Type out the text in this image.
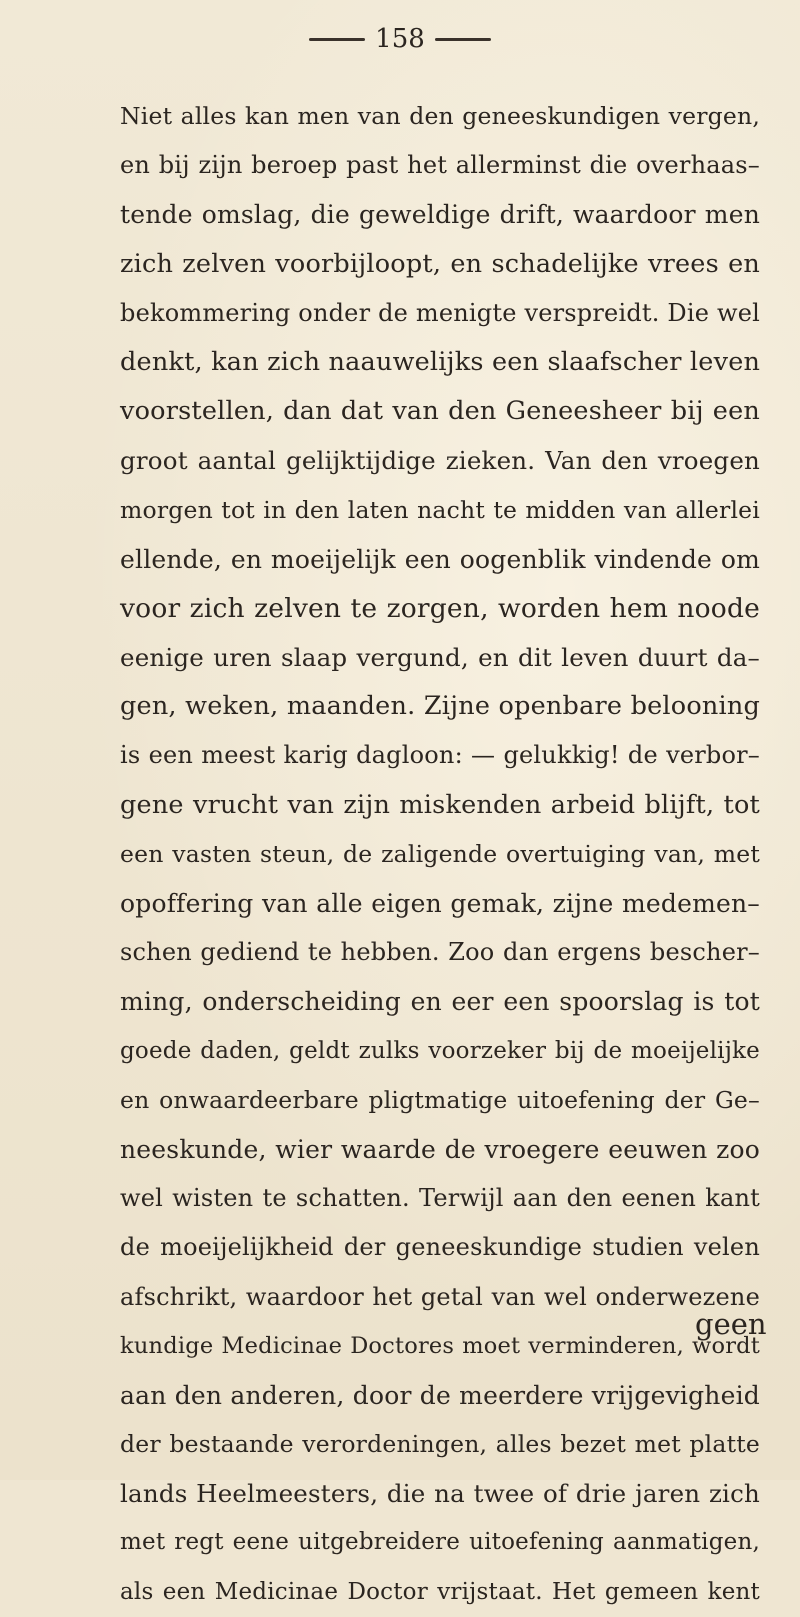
158
Niet alles kan men van den geneeskundigen vergen,
en bij zijn beroep past het allerminst die overhaas–
tende omslag, die geweldige drift, waardoor men
zich zelven voorbijloopt, en schadelijke vrees en
bekommering onder de menigte verspreidt. Die wel
denkt, kan zich naauwelijks een slaafscher leven
voorstellen, dan dat van den Geneesheer bij een
groot aantal gelijktijdige zieken. Van den vroegen
morgen tot in den laten nacht te midden van allerlei
ellende, en moeijelijk een oogenblik vindende om
voor zich zelven te zorgen, worden hem noode
eenige uren slaap vergund, en dit leven duurt da–
gen, weken, maanden. Zijne openbare belooning
is een meest karig dagloon: — gelukkig! de verbor–
gene vrucht van zijn miskenden arbeid blijft, tot
een vasten steun, de zaligende overtuiging van, met
opoffering van alle eigen gemak, zijne medemen–
schen gediend te hebben. Zoo dan ergens bescher–
ming, onderscheiding en eer een spoorslag is tot
goede daden, geldt zulks voorzeker bij de moeijelijke
en onwaardeerbare pligtmatige uitoefening der Ge–
neeskunde, wier waarde de vroegere eeuwen zoo
wel wisten te schatten. Terwijl aan den eenen kant
de moeijelijkheid der geneeskundige studien velen
afschrikt, waardoor het getal van wel onderwezene
kundige Medicinae Doctores moet verminderen, wordt
aan den anderen, door de meerdere vrijgevigheid
der bestaande verordeningen, alles bezet met platte
lands Heelmeesters, die na twee of drie jaren zich
met regt eene uitgebreidere uitoefening aanmatigen,
als een Medicinae Doctor vrijstaat. Het gemeen kent
geen
